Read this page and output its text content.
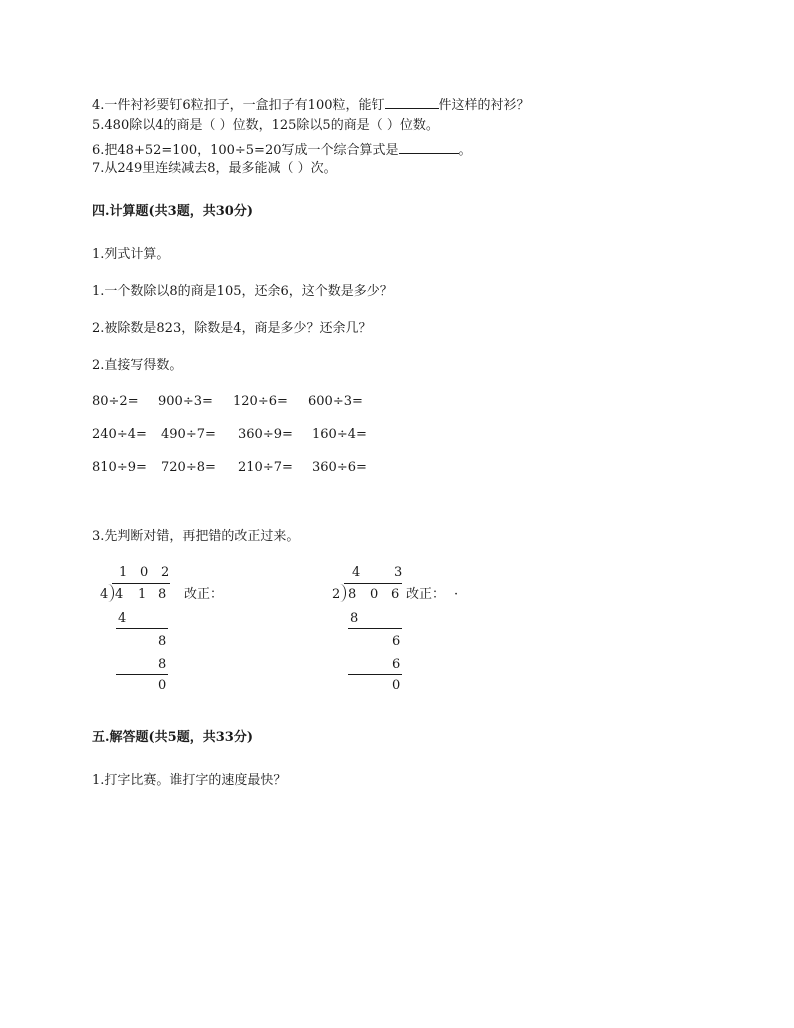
4.一件衬衫要钉6粒扣子，一盒扣子有100粒，能钉	件这样的衬衫？
5.480除以4的商是（ ）位数，125除以5的商是（ ）位数。
6.把48+52=100，100÷5=20写成一个综合算式是	。
7.从249里连续减去8，最多能减（ ）次。
四.计算题(共3题，共30分)
1.列式计算。
1.一个数除以8的商是105，还余6，这个数是多少？
2.被除数是823，除数是4，商是多少？还余几？
2.直接写得数。
80÷2= 900÷3= 120÷6= 600÷3=
240÷4= 490÷7= 360÷9= 160÷4=
810÷9= 720÷8= 210÷7= 360÷6=
3.先判断对错，再把错的改正过来。
1 0 2
4 4 1 8 改正：
4
8
8
0
4	3
2 8 0 6 改正： ·
8
6
6
0
五.解答题(共5题，共33分)
1.打字比赛。谁打字的速度最快？
